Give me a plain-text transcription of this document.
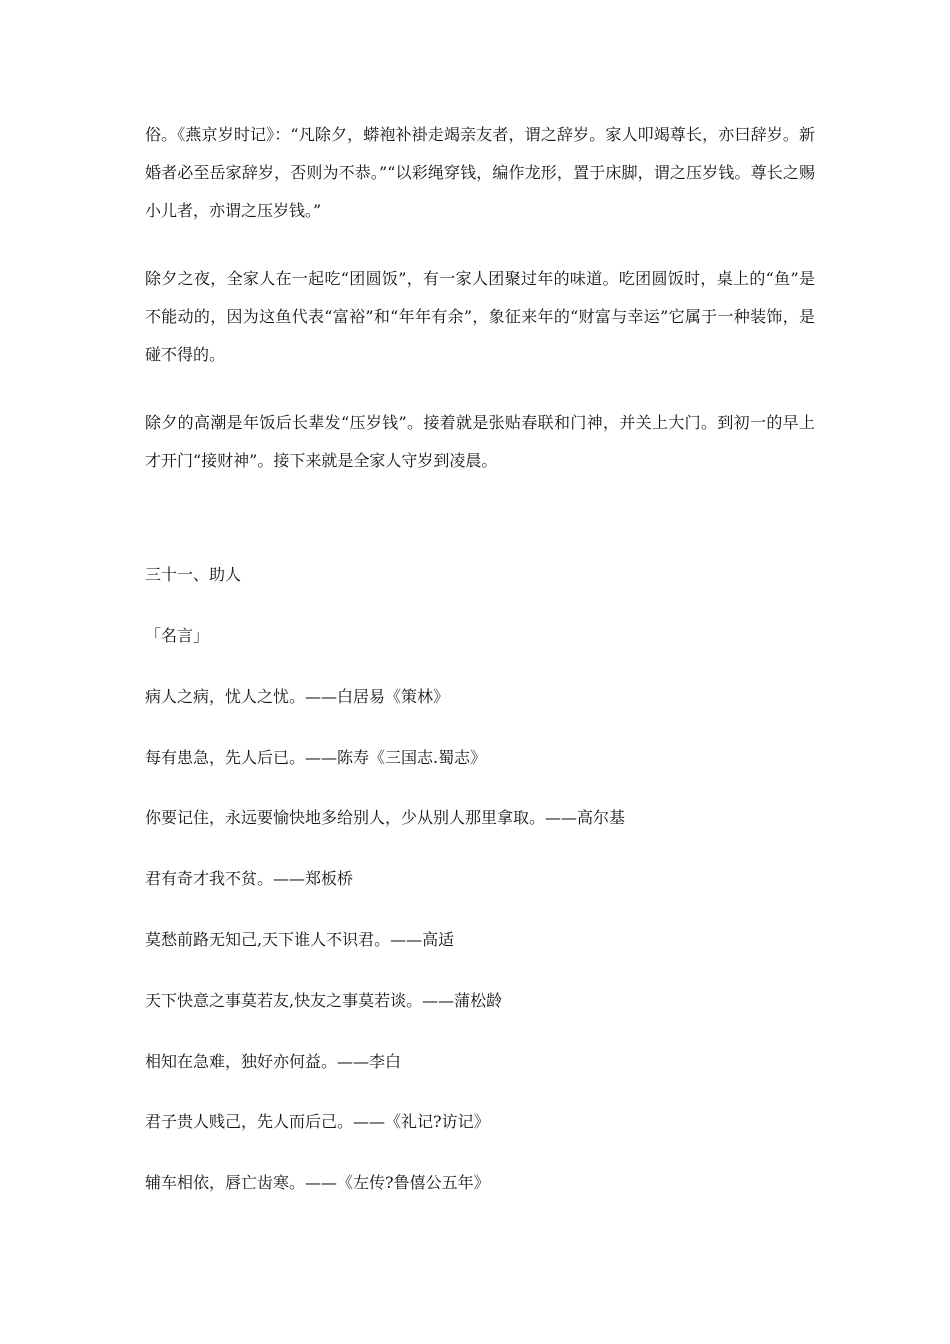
俗。《燕京岁时记》：“凡除夕，蟒袍补褂走竭亲友者，谓之辞岁。家人叩竭尊长，亦曰辞岁。新婚者必至岳家辞岁，否则为不恭。”“以彩绳穿钱，编作龙形，置于床脚，谓之压岁钱。尊长之赐小儿者，亦谓之压岁钱。”

除夕之夜，全家人在一起吃“团圆饭”，有一家人团聚过年的味道。吃团圆饭时，桌上的“鱼”是不能动的，因为这鱼代表“富裕”和“年年有余”，象征来年的“财富与幸运”它属于一种装饰，是碰不得的。

除夕的高潮是年饭后长辈发“压岁钱”。接着就是张贴春联和门神，并关上大门。到初一的早上才开门“接财神”。接下来就是全家人守岁到凌晨。

三十一、助人
「名言」
病人之病，忧人之忧。——白居易《策林》
每有患急，先人后已。——陈寿《三国志.蜀志》
你要记住，永远要愉快地多给别人，少从别人那里拿取。——高尔基
君有奇才我不贫。——郑板桥
莫愁前路无知己,天下谁人不识君。——高适
天下快意之事莫若友,快友之事莫若谈。——蒲松龄
相知在急难，独好亦何益。——李白
君子贵人贱己，先人而后己。——《礼记?访记》
辅车相依，唇亡齿寒。——《左传?鲁僖公五年》
